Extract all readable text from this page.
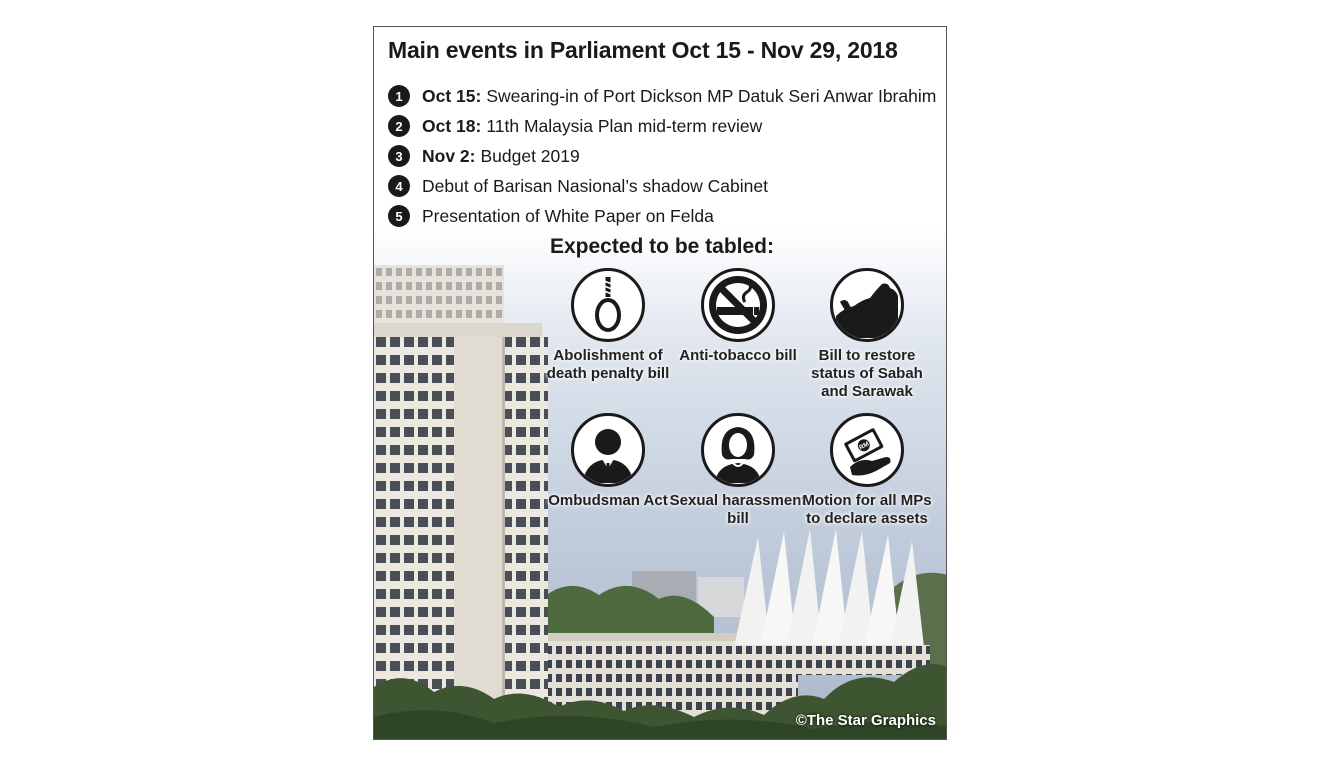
Main events in Parliament Oct 15 - Nov 29, 2018
1	Oct 15: Swearing-in of Port Dickson MP Datuk Seri Anwar Ibrahim
2	Oct 18: 11th Malaysia Plan mid-term review
3	Nov 2: Budget 2019
4	Debut of Barisan Nasional’s shadow Cabinet
5	Presentation of White Paper on Felda
Expected to be tabled:
Abolishment of death penalty bill
Anti-tobacco bill	Bill to restore status of Sabah and Sarawak
Ombudsman Act Sexual harassment bill
RM
Motion for all MPs to declare assets
©The Star Graphics
